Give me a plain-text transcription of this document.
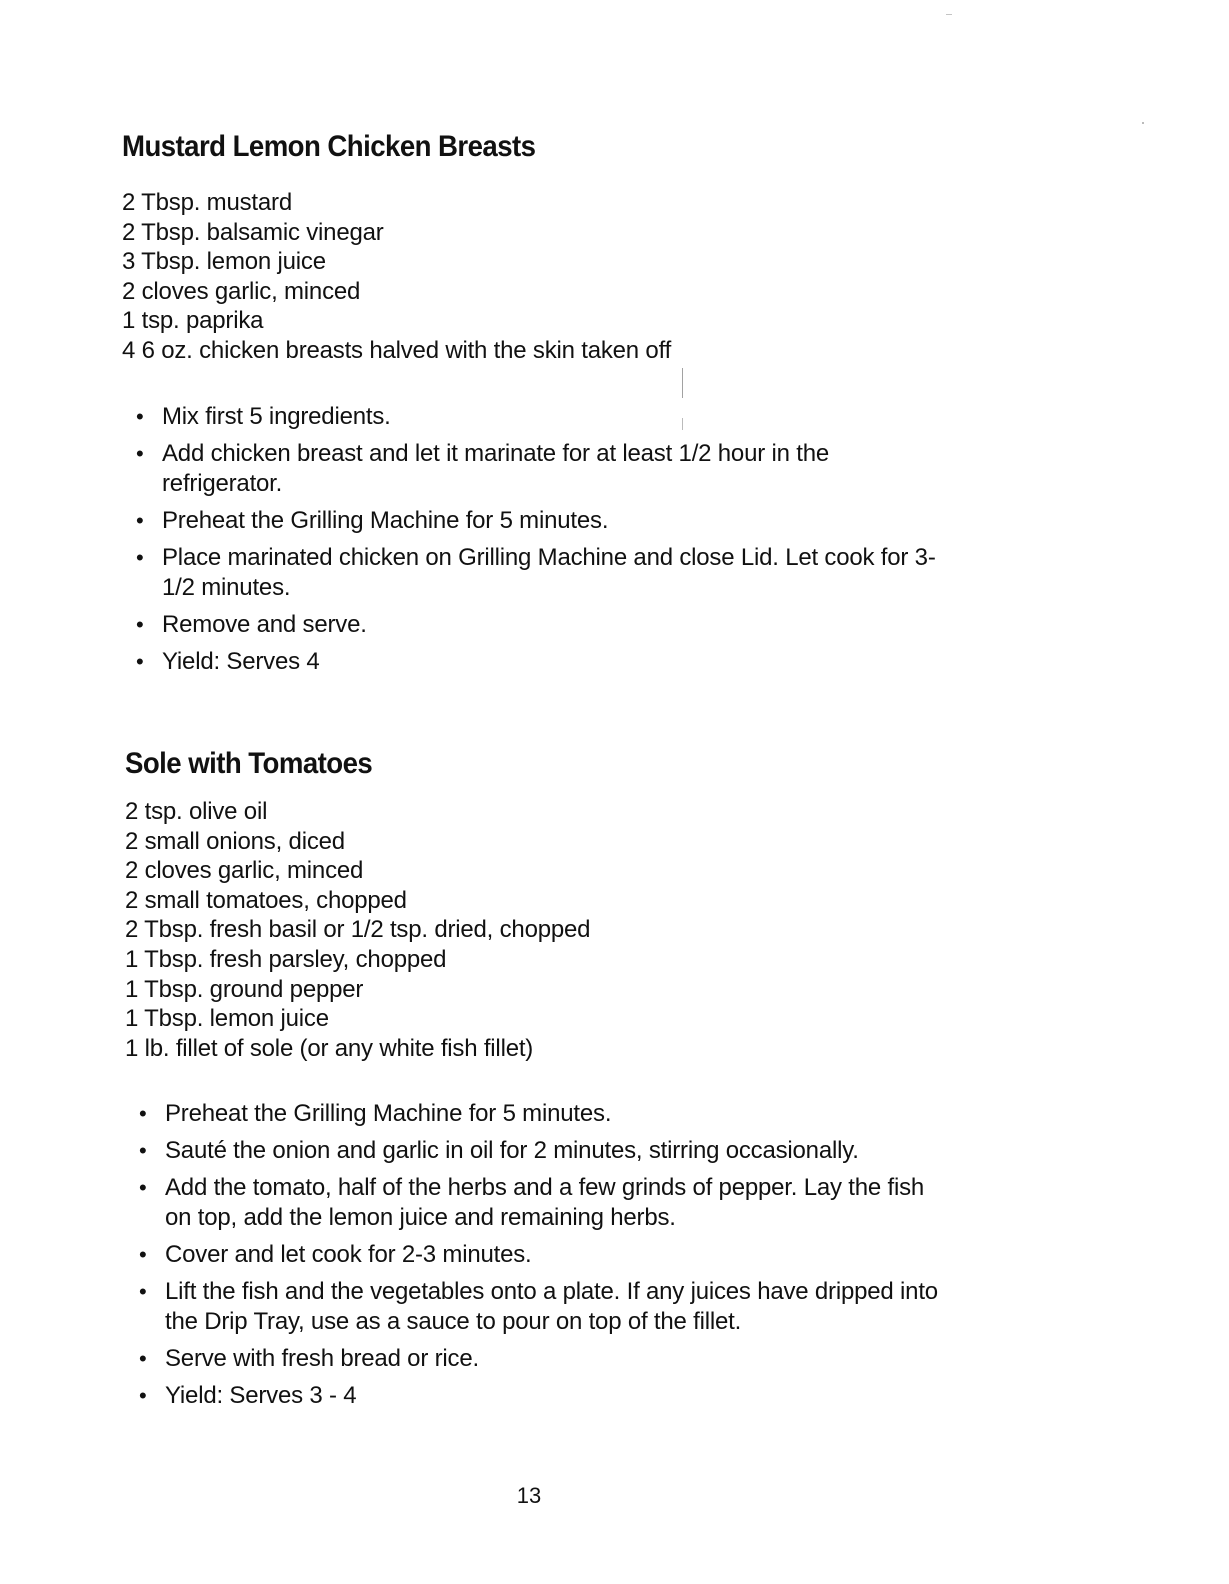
Mustard Lemon Chicken Breasts
2 Tbsp. mustard
2 Tbsp. balsamic vinegar
3 Tbsp. lemon juice
2 cloves garlic, minced
1 tsp. paprika
4 6 oz. chicken breasts halved with the skin taken off
• Mix first 5 ingredients.
• Add chicken breast and let it marinate for at least 1/2 hour in the refrigerator.
• Preheat the Grilling Machine for 5 minutes.
• Place marinated chicken on Grilling Machine and close Lid. Let cook for 3-1/2 minutes.
• Remove and serve.
• Yield: Serves 4
Sole with Tomatoes
2 tsp. olive oil
2 small onions, diced
2 cloves garlic, minced
2 small tomatoes, chopped
2 Tbsp. fresh basil or 1/2 tsp. dried, chopped
1 Tbsp. fresh parsley, chopped
1 Tbsp. ground pepper
1 Tbsp. lemon juice
1 lb. fillet of sole (or any white fish fillet)
• Preheat the Grilling Machine for 5 minutes.
• Sauté the onion and garlic in oil for 2 minutes, stirring occasionally.
• Add the tomato, half of the herbs and a few grinds of pepper. Lay the fish on top, add the lemon juice and remaining herbs.
• Cover and let cook for 2-3 minutes.
• Lift the fish and the vegetables onto a plate. If any juices have dripped into the Drip Tray, use as a sauce to pour on top of the fillet.
• Serve with fresh bread or rice.
• Yield: Serves 3 - 4
13
